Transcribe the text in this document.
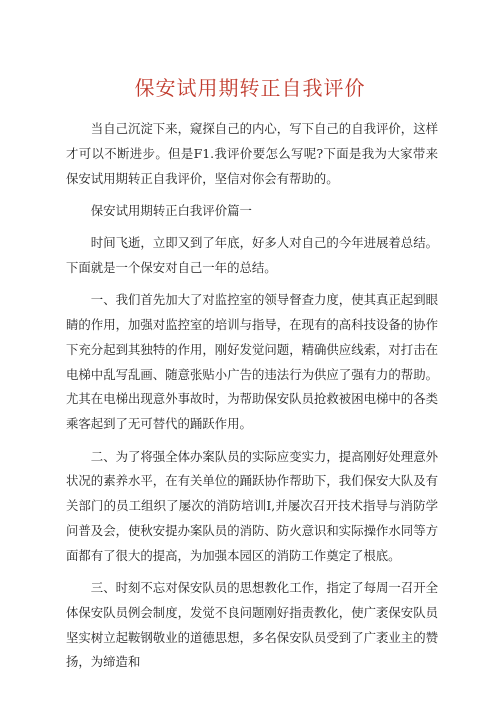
保安试用期转正自我评价

当自己沉淀下来，窥探自己的内心，写下自己的自我评价，这样才可以不断进步。但是F1.我评价要怎么写呢?下面是我为大家带来保安试用期转正自我评价，坚信对你会有帮助的。

保安试用期转正白我评价篇一

时间飞逝，立即又到了年底，好多人对自己的今年进展着总结。下面就是一个保安对自己一年的总结。

一、我们首先加大了对监控室的领导督查力度，使其真正起到眼睛的作用，加强对监控室的培训与指导，在现有的高科技设备的协作下充分起到其独特的作用，刚好发觉问题，精确供应线索，对打击在电梯中乱写乱画、随意张贴小广告的违法行为供应了强有力的帮助。尤其在电梯出现意外事故时，为帮助保安队员抢救被困电梯中的各类乘客起到了无可替代的踊跃作用。

二、为了将强全体办案队员的实际应变实力，提高刚好处理意外状况的素养水平，在有关单位的踊跃协作帮助下，我们保安大队及有关部门的员工组织了屡次的消防培训I,并屡次召开技术指导与消防学问普及会，使秋安提办案队员的消防、防火意识和实际操作水同等方面都有了很大的提高，为加强本园区的消防工作奠定了根底。

三、时刻不忘对保安队员的思想教化工作，指定了每周一召开全体保安队员例会制度，发觉不良问题刚好指责教化，使广袤保安队员坚实树立起鞍钢敬业的道德思想，多名保安队员受到了广袤业主的赞扬，为缔造和
